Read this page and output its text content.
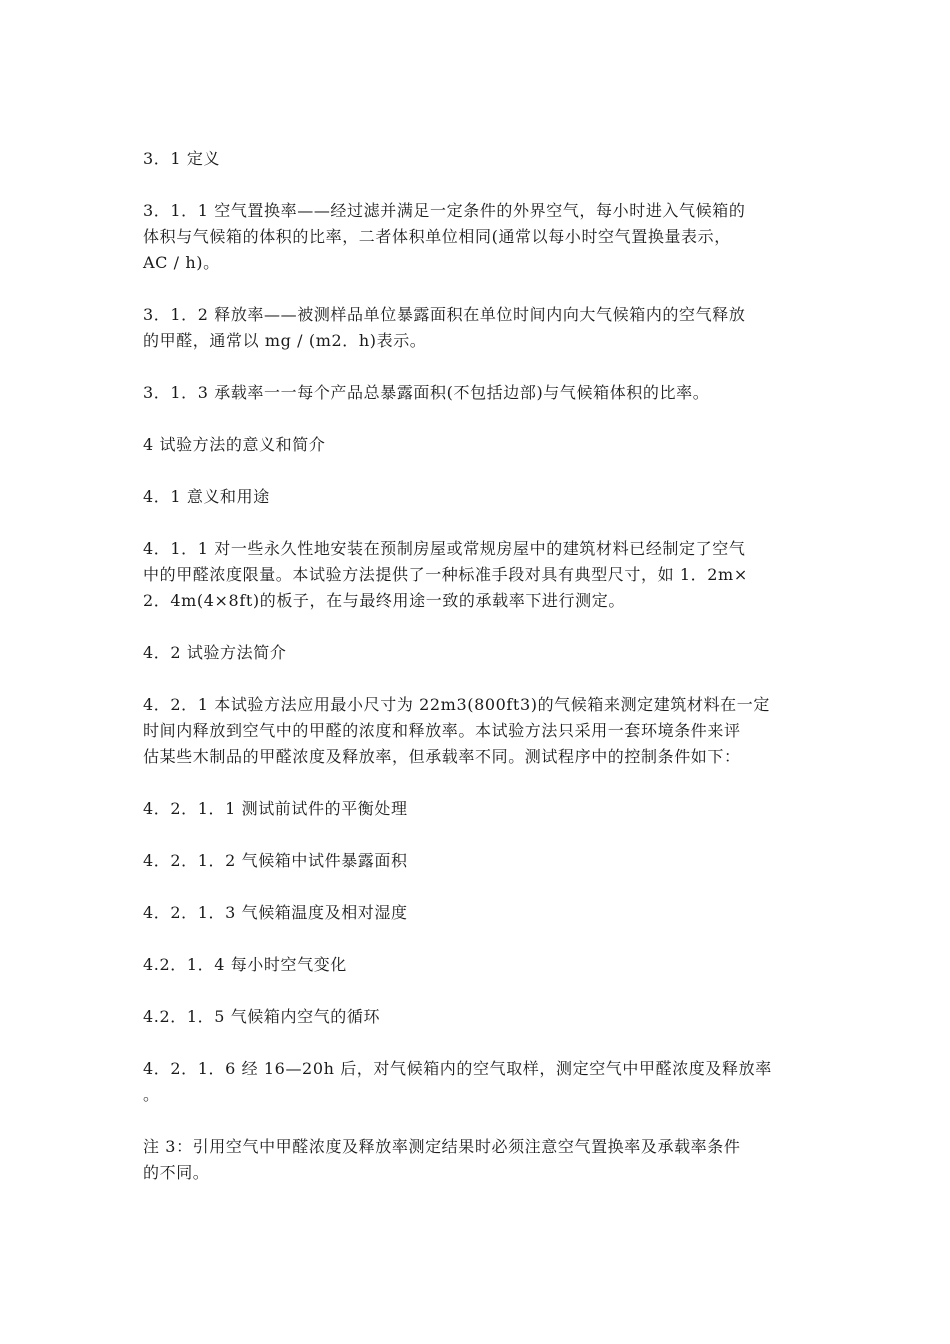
3．1 定义

3．1．1 空气置换率——经过滤并满足一定条件的外界空气，每小时进入气候箱的
体积与气候箱的体积的比率，二者体积单位相同(通常以每小时空气置换量表示，
AC / h)。

3．1．2 释放率——被测样品单位暴露面积在单位时间内向大气候箱内的空气释放
的甲醛，通常以 mg / (m2．h)表示。

3．1．3 承载率一一每个产品总暴露面积(不包括边部)与气候箱体积的比率。

4 试验方法的意义和简介

4．1 意义和用途

4．1．1 对一些永久性地安装在预制房屋或常规房屋中的建筑材料已经制定了空气
中的甲醛浓度限量。本试验方法提供了一种标准手段对具有典型尺寸，如 1．2m×
2．4m(4×8ft)的板子，在与最终用途一致的承载率下进行测定。

4．2 试验方法简介

4．2．1 本试验方法应用最小尺寸为 22m3(800ft3)的气候箱来测定建筑材料在一定
时间内释放到空气中的甲醛的浓度和释放率。本试验方法只采用一套环境条件来评
估某些木制品的甲醛浓度及释放率，但承载率不同。测试程序中的控制条件如下：

4．2．1．1 测试前试件的平衡处理

4．2．1．2 气候箱中试件暴露面积

4．2．1．3 气候箱温度及相对湿度

4.2．1．4 每小时空气变化

4.2．1．5 气候箱内空气的循环

4．2．1．6 经 16—20h 后，对气候箱内的空气取样，测定空气中甲醛浓度及释放率
。

注 3：引用空气中甲醛浓度及释放率测定结果时必须注意空气置换率及承载率条件
的不同。
